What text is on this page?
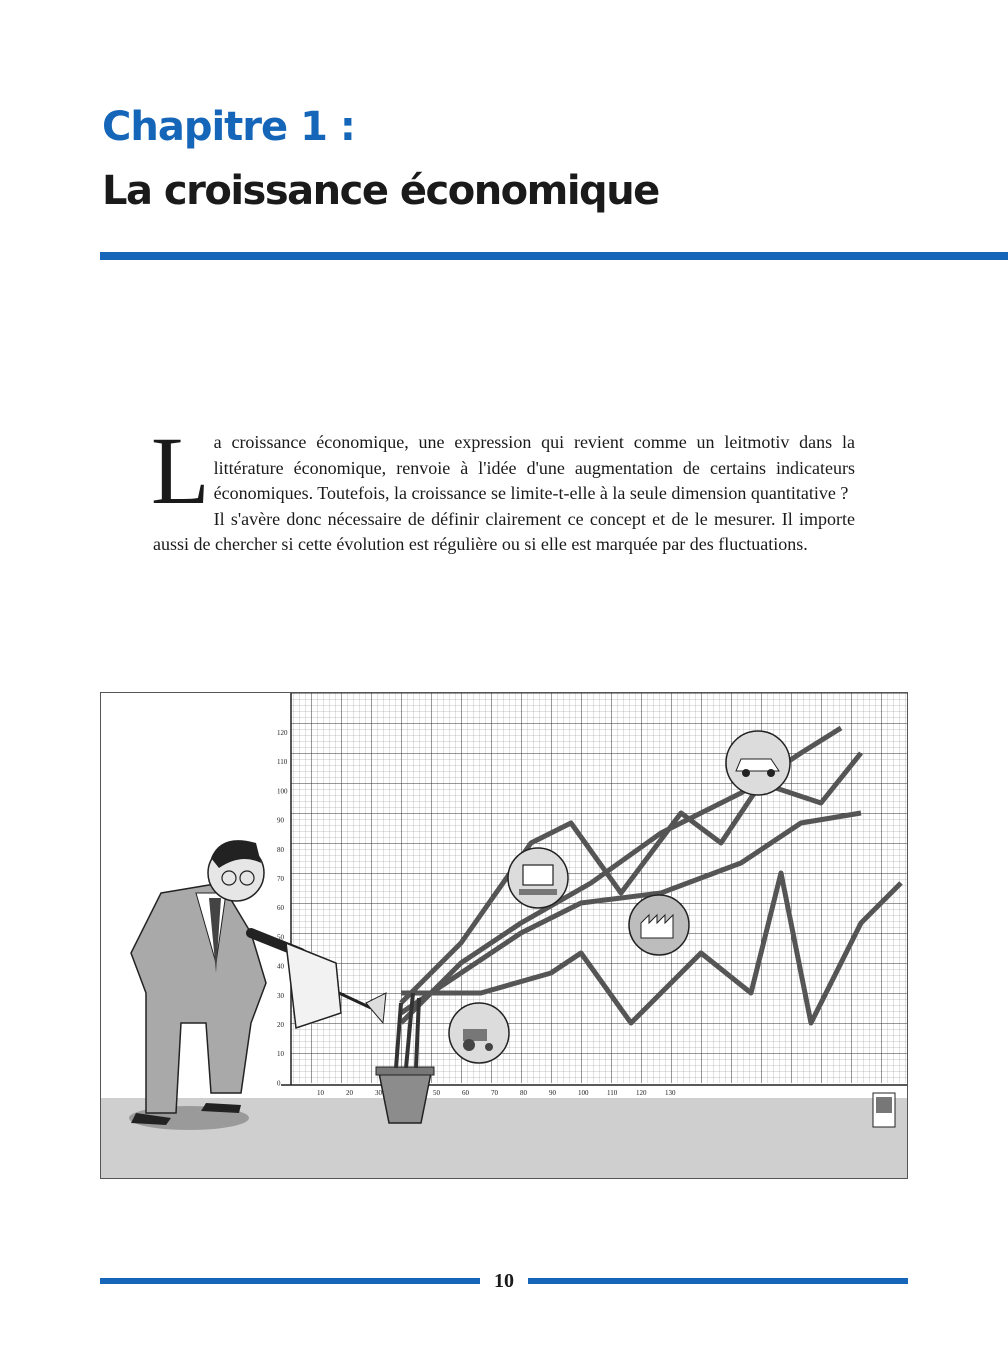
Chapitre 1 :
La croissance économique

La croissance économique, une expression qui revient comme un leitmotiv dans la littérature économique, renvoie à l'idée d'une augmentation de certains indicateurs économiques. Toutefois, la croissance se limite-t-elle à la seule dimension quantitative ?

Il s'avère donc nécessaire de définir clairement ce concept et de le mesurer. Il importe aussi de chercher si cette évolution est régulière ou si elle est marquée par des fluctuations.

120
110
100
90
80
70
60
50
40
30
20
10
0
10	20	30	50	60	70	80	90	100	110	120	130
10
